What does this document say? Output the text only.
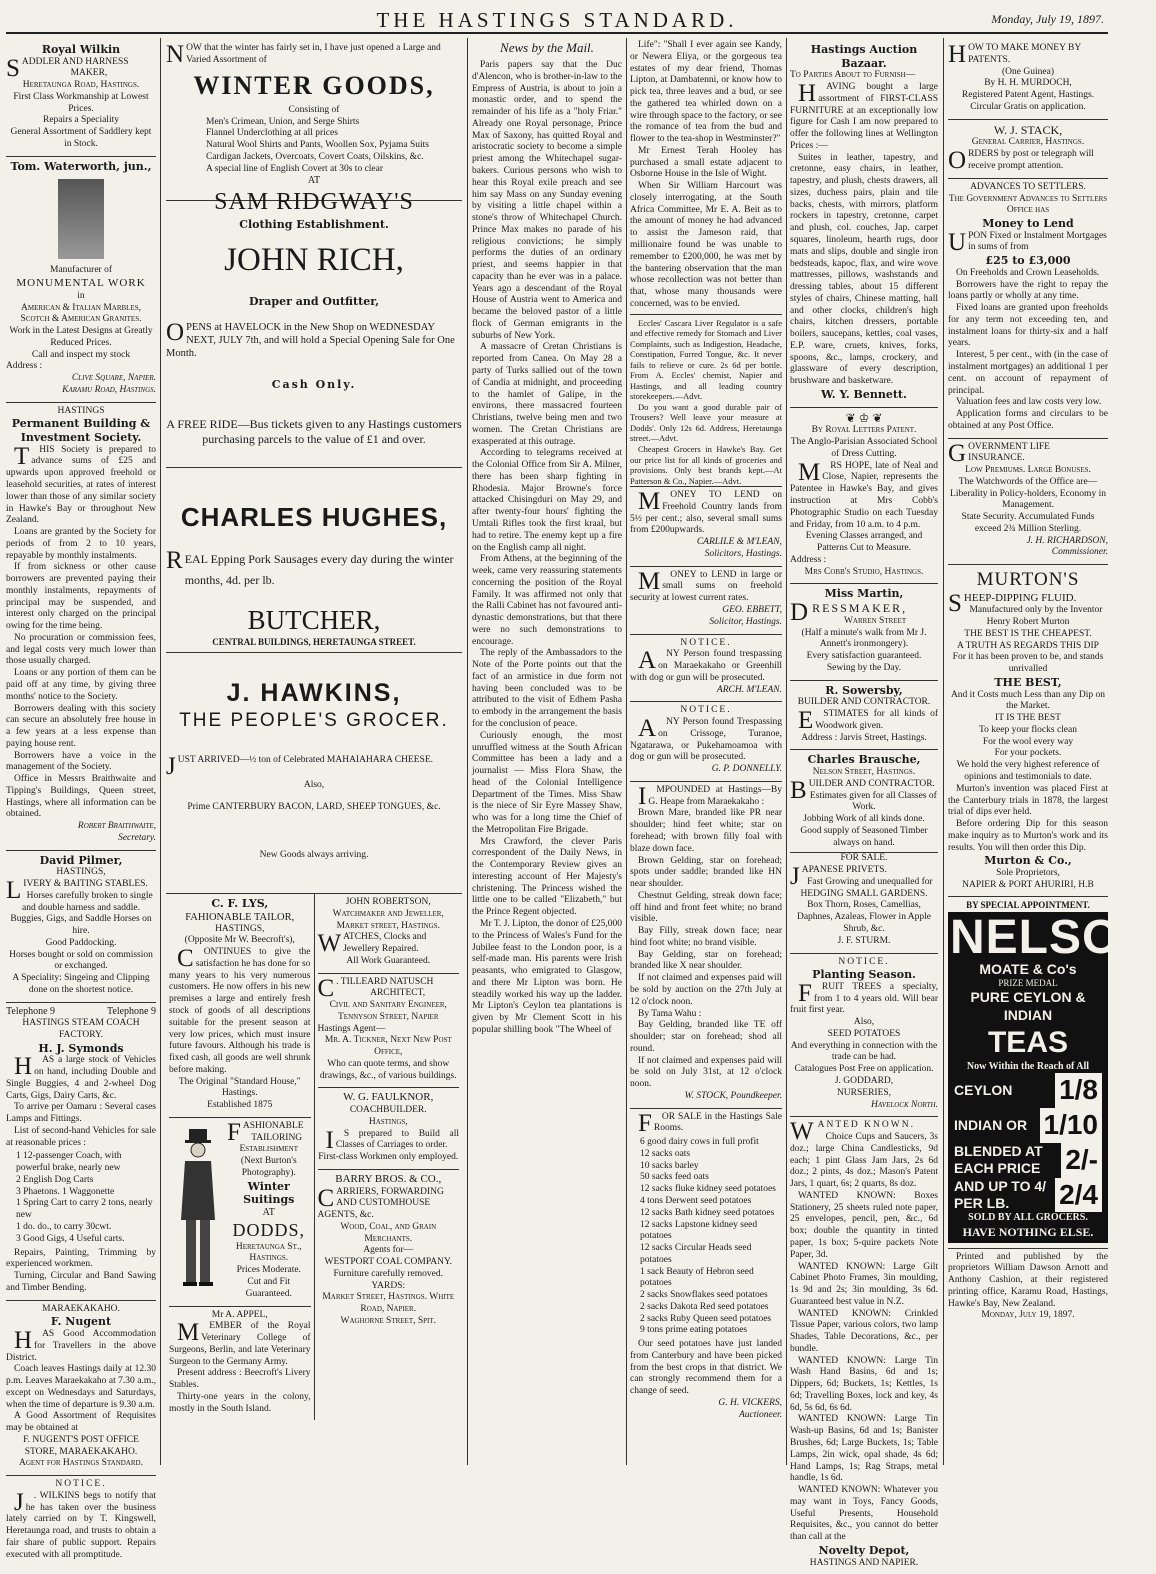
THE HASTINGS STANDARD.	Monday, July 19, 1897.
Royal Wilkin

SADDLER AND HARNESS

MAKER,

Heretaunga Road, Hastings.

First Class Workmanship at Lowest Prices.

Repairs a Speciality

General Assortment of Saddlery kept in Stock.

Tom. Waterworth, jun.,

Manufacturer of

MONUMENTAL WORK

in

American & Italian Marbles, Scotch & American Granites.

Work in the Latest Designs at Greatly Reduced Prices.

Call and inspect my stock

Address :

Clive Square, Napier.

Karamu Road, Hastings.

HASTINGS

Permanent Building & Investment Society.

T HIS Society is prepared to advance sums of £25 and upwards upon approved freehold or leasehold securities, at rates of interest lower than those of any similar society in Hawke's Bay or throughout New Zealand.

Loans are granted by the Society for periods of from 2 to 10 years, repayable by monthly instalments.

If from sickness or other cause borrowers are prevented paying their monthly instalments, repayments of principal may be suspended, and interest only charged on the principal owing for the time being.

No procuration or commission fees, and legal costs very much lower than those usually charged.

Loans or any portion of them can be paid off at any time, by giving three months' notice to the Society.

Borrowers dealing with this society can secure an absolutely free house in a few years at a less expense than paying house rent.

Borrowers have a voice in the management of the Society.

Office in Messrs Braithwaite and Tipping's Buildings, Queen street, Hastings, where all information can be obtained.

Robert Braithwaite,

Secretary.

David Pilmer,

HASTINGS,

LIVERY & BAITING STABLES.

Horses carefully broken to single and double harness and saddle.

Buggies, Gigs, and Saddle Horses on hire.

Good Paddocking.

Horses bought or sold on commission or exchanged.

A Speciality: Singeing and Clipping done on the shortest notice.

Telephone 9	Telephone 9

HASTINGS STEAM COACH FACTORY.

H. J. Symonds

H AS a large stock of Vehicles on hand, including Double and Single Buggies, 4 and 2-wheel Dog Carts, Gigs, Dairy Carts, &c.

To arrive per Oamaru : Several cases Lamps and Fittings.

List of second-hand Vehicles for sale at reasonable prices :

1 12-passenger Coach, with powerful brake, nearly new

2 English Dog Carts

3 Phaetons. 1 Waggonette

1 Spring Cart to carry 2 tons, nearly new

1 do. do., to carry 30cwt.

3 Good Gigs, 4 Useful carts.

Repairs, Painting, Trimming by experienced workmen.

Turning, Circular and Band Sawing and Timber Bending.

MARAEKAKAHO.

F. Nugent

H AS Good Accommodation for Travellers in the above District.

Coach leaves Hastings daily at 12.30 p.m. Leaves Maraekakaho at 7.30 a.m., except on Wednesdays and Saturdays, when the time of departure is 9.30 a.m.

A Good Assortment of Requisites may be obtained at

F. NUGENT'S POST OFFICE STORE, MARAEKAKAHO.

Agent for Hastings Standard.

NOTICE.

J . WILKINS begs to notify that he has taken over the business lately carried on by T. Kingswell, Heretaunga road, and trusts to obtain a fair share of public support. Repairs executed with all promptitude.

NOW that the winter has fairly set in, I have just opened a Large and Varied Assortment of

WINTER GOODS,

Consisting of

Men's Crimean, Union, and Serge Shirts

Flannel Underclothing at all prices

Natural Wool Shirts and Pants, Woollen Sox, Pyjama Suits

Cardigan Jackets, Overcoats, Covert Coats, Oilskins, &c.

A special line of English Covert at 30s to clear

AT

SAM RIDGWAY'S
Clothing Establishment.
JOHN RICH,
Draper and Outfitter,

OPENS at HAVELOCK in the New Shop on WEDNESDAY NEXT, JULY 7th, and will hold a Special Opening Sale for One Month.

Cash Only.

A FREE RIDE—Bus tickets given to any Hastings customers purchasing parcels to the value of £1 and over.

CHARLES HUGHES,

REAL Epping Pork Sausages every day during the winter months, 4d. per lb.

BUTCHER,

CENTRAL BUILDINGS, HERETAUNGA STREET.

J. HAWKINS,
THE PEOPLE'S GROCER.

JUST ARRIVED—½ ton of Celebrated MAHAIAHARA CHEESE.

Also,

Prime CANTERBURY BACON, LARD, SHEEP TONGUES, &c.

New Goods always arriving.

C. F. LYS,

FAHIONABLE TAILOR,

HASTINGS,

(Opposite Mr W. Beecroft's),

C ONTINUES to give the satisfaction he has done for so many years to his very numerous customers. He now offers in his new premises a large and entirely fresh stock of goods of all descriptions suitable for the present season at very low prices, which must insure future favours. Although his trade is fixed cash, all goods are well shrunk before making.

The Original "Standard House," Hastings.

Established 1875

FASHIONABLE

TAILORING

Establishment

(Next Burton's Photography).

Winter
Suitings

AT

DODDS,

Heretaunga St., Hastings.

Prices Moderate.

Cut and Fit Guaranteed.

Mr A. APPEL,

M EMBER of the Royal Veterinary College of Surgeons, Berlin, and late Veterinary Surgeon to the Germany Army.

Present address : Beecroft's Livery Stables.

Thirty-one years in the colony, mostly in the South Island.

JOHN ROBERTSON,

Watchmaker and Jeweller, Market street, Hastings.

WATCHES, Clocks and Jewellery Repaired.

All Work Guaranteed.

C . TILLEARD NATUSCH

ARCHITECT,

Civil and Sanitary Engineer,

Tennyson Street, Napier

Hastings Agent—

Mr. A. Tickner, Next New Post Office,

Who can quote terms, and show drawings, &c., of various buildings.

W. G. FAULKNOR,

COACHBUILDER.

Hastings,

I S prepared to Build all Classes of Carriages to order.

First-class Workmen only employed.

BARRY BROS. & CO.,

CARRIERS, FORWARDING AND CUSTOMHOUSE AGENTS, &c.

Wood, Coal, and Grain Merchants.

Agents for—

WESTPORT COAL COMPANY.

Furniture carefully removed.

YARDS:

Market Street, Hastings. White Road, Napier.

Waghorne Street, Spit.

News by the Mail.

Paris papers say that the Duc d'Alencon, who is brother-in-law to the Empress of Austria, is about to join a monastic order, and to spend the remainder of his life as a "holy Friar." Already one Royal personage, Prince Max of Saxony, has quitted Royal and aristocratic society to become a simple priest among the Whitechapel sugar-bakers. Curious persons who wish to hear this Royal exile preach and see him say Mass on any Sunday evening by visiting a little chapel within a stone's throw of Whitechapel Church. Prince Max makes no parade of his religious convictions; he simply performs the duties of an ordinary priest, and seems happier in that capacity than he ever was in a palace. Years ago a descendant of the Royal House of Austria went to America and became the beloved pastor of a little flock of German emigrants in the suburbs of New York.

A massacre of Cretan Christians is reported from Canea. On May 28 a party of Turks sallied out of the town of Candia at midnight, and proceeding to the hamlet of Galipe, in the environs, there massacred fourteen Christians, twelve being men and two women. The Cretan Christians are exasperated at this outrage.

According to telegrams received at the Colonial Office from Sir A. Milner, there has been sharp fighting in Rhodesia. Major Browne's force attacked Chisingduri on May 29, and after twenty-four hours' fighting the Umtali Rifles took the first kraal, but had to retire. The enemy kept up a fire on the English camp all night.

From Athens, at the beginning of the week, came very reassuring statements concerning the position of the Royal Family. It was affirmed not only that the Ralli Cabinet has not favoured anti-dynastic demonstrations, but that there were no such demonstrations to encourage.

The reply of the Ambassadors to the Note of the Porte points out that the fact of an armistice in due form not having been concluded was to be attributed to the visit of Edhem Pasha to embody in the arrangement the basis for the conclusion of peace.

Curiously enough, the most unruffled witness at the South African Committee has been a lady and a journalist — Miss Flora Shaw, the head of the Colonial Intelligence Department of the Times. Miss Shaw is the niece of Sir Eyre Massey Shaw, who was for a long time the Chief of the Metropolitan Fire Brigade.

Mrs Crawford, the clever Paris correspondent of the Daily News, in the Contemporary Review gives an interesting account of Her Majesty's christening. The Princess wished the little one to be called "Elizabeth," but the Prince Regent objected.

Mr T. J. Lipton, the donor of £25,000 to the Princess of Wales's Fund for the Jubilee feast to the London poor, is a self-made man. His parents were Irish peasants, who emigrated to Glasgow, and there Mr Lipton was born. He steadily worked his way up the ladder. Mr Lipton's Ceylon tea plantations is given by Mr Clement Scott in his popular shilling book "The Wheel of

Life": "Shall I ever again see Kandy, or Newera Eliya, or the gorgeous tea estates of my dear friend, Thomas Lipton, at Dambatenni, or know how to pick tea, three leaves and a bud, or see the gathered tea whirled down on a wire through space to the factory, or see the romance of tea from the bud and flower to the tea-shop in Westminster?"

Mr Ernest Terah Hooley has purchased a small estate adjacent to Osborne House in the Isle of Wight.

When Sir William Harcourt was closely interrogating, at the South Africa Committee, Mr E. A. Beit as to the amount of money he had advanced to assist the Jameson raid, that millionaire found he was unable to remember to £200,000, he was met by the bantering observation that the man whose recollection was not better than that, whose many thousands were concerned, was to be envied.

Eccles' Cascara Liver Regulator is a safe and effective remedy for Stomach and Liver Complaints, such as Indigestion, Headache, Constipation, Furred Tongue, &c. It never fails to relieve or cure. 2s 6d per bottle. From A. Eccles' chemist, Napier and Hastings, and all leading country storekeepers.—Advt.

Do you want a good durable pair of Trousers? Well leave your measure at Dodds'. Only 12s 6d. Address, Heretaunga street.—Advt.

Cheapest Grocers in Hawke's Bay. Get our price list for all kinds of groceries and provisions. Only best brands kept.—At Patterson & Co., Napier.—Advt.

M ONEY TO LEND on Freehold Country lands from 5½ per cent.; also, several small sums from £200upwards.

CARLILE & M'LEAN,

Solicitors, Hastings.

M ONEY to LEND in large or small sums on freehold security at lowest current rates.

GEO. EBBETT,

Solicitor, Hastings.

NOTICE.

A NY Person found trespassing on Maraekakaho or Greenhill with dog or gun will be prosecuted.

ARCH. M'LEAN.

NOTICE.

A NY Person found Trespassing on Crissoge, Turanoe, Ngatarawa, or Pukehamoamoa with dog or gun will be prosecuted.

G. P. DONNELLY.

I MPOUNDED at Hastings—By G. Heape from Maraekakaho :

Brown Mare, branded like PR near shoulder; hind feet white; star on forehead; with brown filly foal with blaze down face.

Brown Gelding, star on forehead; spots under saddle; branded like HN near shoulder.

Chestnut Gelding, streak down face; off hind and front feet white; no brand visible.

Bay Filly, streak down face; near hind foot white; no brand visible.

Bay Gelding, star on forehead; branded like X near shoulder.

If not claimed and expenses paid will be sold by auction on the 27th July at 12 o'clock noon.

By Tama Wahu :

Bay Gelding, branded like TE off shoulder; star on forehead; shod all round.

If not claimed and expenses paid will be sold on July 31st, at 12 o'clock noon.

W. STOCK, Poundkeeper.

F OR SALE in the Hastings Sale Rooms.

6 good dairy cows in full profit

12 sacks oats

10 sacks barley

50 sacks feed oats

12 sacks fluke kidney seed potatoes

4 tons Derwent seed potatoes

12 sacks Bath kidney seed potatoes

12 sacks Lapstone kidney seed potatoes

12 sacks Circular Heads seed potatoes

1 sack Beauty of Hebron seed potatoes

2 sacks Snowflakes seed potatoes

2 sacks Dakota Red seed potatoes

2 sacks Ruby Queen seed potatoes

9 tons prime eating potatoes

Our seed potatoes have just landed from Canterbury and have been picked from the best crops in that district. We can strongly recommend them for a change of seed.

G. H. VICKERS,

Auctioneer.

Hastings Auction
Bazaar.

To Parties About to Furnish—

H AVING bought a large assortment of FIRST-CLASS FURNITURE at an exceptionally low figure for Cash I am now prepared to offer the following lines at Wellington Prices :—

Suites in leather, tapestry, and cretonne, easy chairs, in leather, tapestry, and plush, chests drawers, all sizes, duchess pairs, plain and tile backs, chests, with mirrors, platform rockers in tapestry, cretonne, carpet and plush, col. couches, Jap. carpet squares, linoleum, hearth rugs, door mats and slips, double and single iron bedsteads, kapoc, flax, and wire wove mattresses, pillows, washstands and dressing tables, about 15 different styles of chairs, Chinese matting, hall and other clocks, children's high chairs, kitchen dressers, portable boilers, saucepans, kettles, coal vases, E.P. ware, cruets, knives, forks, spoons, &c., lamps, crockery, and glassware of every description, brushware and basketware.

W. Y. Bennett.
❦ ♔ ❦

By Royal Letters Patent.

The Anglo-Parisian Associated School of Dress Cutting.

M RS HOPE, late of Neal and Close, Napier, represents the Patentee in Hawke's Bay, and gives instruction at Mrs Cobb's Photographic Studio on each Tuesday and Friday, from 10 a.m. to 4 p.m.

Evening Classes arranged, and Patterns Cut to Measure.

Address :

Mrs Cobb's Studio, Hastings.

Miss Martin,

DRESSMAKER,

Warren Street

(Half a minute's walk from Mr J. Annett's ironmongery).

Every satisfaction guaranteed.

Sewing by the Day.

R. Sowersby,

BUILDER AND CONTRACTOR.

E STIMATES for all kinds of Woodwork given.

Address : Jarvis Street, Hastings.

Charles Brausche,

Nelson Street, Hastings.

BUILDER AND CONTRACTOR.

Estimates given for all Classes of Work.

Jobbing Work of all kinds done.

Good supply of Seasoned Timber always on hand.

FOR SALE.

JAPANESE PRIVETS.

Fast Growing and unequalled for HEDGING SMALL GARDENS.

Box Thorn, Roses, Camellias, Daphnes, Azaleas, Flower in Apple Shrub, &c.

J. F. STURM.

NOTICE.

Planting Season.

F RUIT TREES a specialty, from 1 to 4 years old. Will bear fruit first year.

Also,

SEED POTATOES

And everything in connection with the trade can be had.

Catalogues Post Free on application.

J. GODDARD,

NURSERIES,

Havelock North.

WANTED KNOWN.

Choice Cups and Saucers, 3s doz.; large China Candlesticks, 9d each; 1 pint Glass Jam Jars, 2s 6d doz.; 2 pints, 4s doz.; Mason's Patent Jars, 1 quart, 6s; 2 quarts, 8s doz.

WANTED KNOWN: Boxes Stationery, 25 sheets ruled note paper, 25 envelopes, pencil, pen, &c., 6d box; double the quantity in tinted paper, 1s box; 5-quire packets Note Paper, 3d.

WANTED KNOWN: Large Gilt Cabinet Photo Frames, 3in moulding, 1s 9d and 2s; 3in moulding, 3s 6d. Guaranteed best value in N.Z.

WANTED KNOWN: Crinkled Tissue Paper, various colors, two lamp Shades, Table Decorations, &c., per bundle.

WANTED KNOWN: Large Tin Wash Hand Basins, 6d and 1s; Dippers, 6d; Buckets, 1s; Kettles, 1s 6d; Travelling Boxes, lock and key, 4s 6d, 5s 6d, 6s 6d.

WANTED KNOWN: Large Tin Wash-up Basins, 6d and 1s; Banister Brushes, 6d; Large Buckets, 1s; Table Lamps, 2in wick, opal shade, 4s 6d; Hand Lamps, 1s; Rag Straps, metal handle, 1s 6d.

WANTED KNOWN: Whatever you may want in Toys, Fancy Goods, Useful Presents, Household Requisites, &c., you cannot do better than call at the

Novelty Depot,

HASTINGS AND NAPIER.

HOW TO MAKE MONEY BY PATENTS.

(One Guinea)

By H. H. MURDOCH,

Registered Patent Agent, Hastings.

Circular Gratis on application.

W. J. STACK,

General Carrier, Hastings.

ORDERS by post or telegraph will receive prompt attention.

ADVANCES TO SETTLERS.

The Government Advances to Settlers Office has

Money to Lend

UPON Fixed or Instalment Mortgages in sums of from

£25 to £3,000

On Freeholds and Crown Leaseholds.

Borrowers have the right to repay the loans partly or wholly at any time.

Fixed loans are granted upon freeholds for any term not exceeding ten, and instalment loans for thirty-six and a half years.

Interest, 5 per cent., with (in the case of instalment mortgages) an additional 1 per cent. on account of repayment of principal.

Valuation fees and law costs very low.

Application forms and circulars to be obtained at any Post Office.

GOVERNMENT LIFE INSURANCE.

Low Premiums. Large Bonuses.

The Watchwords of the Office are—Liberality in Policy-holders, Economy in Management.

State Security. Accumulated Funds exceed 2¾ Million Sterling.

J. H. RICHARDSON,

Commissioner.

MURTON'S

SHEEP-DIPPING FLUID.

Manufactured only by the Inventor Henry Robert Murton

THE BEST IS THE CHEAPEST.

A TRUTH AS REGARDS THIS DIP

For it has been proven to be, and stands unrivalled

THE BEST,

And it Costs much Less than any Dip on the Market.

IT IS THE BEST

To keep your flocks clean
For the wool every way
For your pockets.

We hold the very highest reference of opinions and testimonials to date.

Murton's invention was placed First at the Canterbury trials in 1878, the largest trial of dips ever held.

Before ordering Dip for this season make inquiry as to Murton's work and its results. You will then order this Dip.

Murton & Co.,

Sole Proprietors,

NAPIER & PORT AHURIRI, H.B

BY SPECIAL APPOINTMENT.
NELSON
MOATE & Co's
PRIZE MEDAL
PURE CEYLON & INDIAN
TEAS
Now Within the Reach of All
CEYLON 1/8
INDIAN OR 1/10
BLENDED AT EACH PRICE 2/-
AND UP TO 4/ PER LB.	2/4
SOLD BY ALL GROCERS.
HAVE NOTHING ELSE.

Printed and published by the proprietors William Dawson Arnott and Anthony Cashion, at their registered printing office, Karamu Road, Hastings, Hawke's Bay, New Zealand.

Monday, July 19, 1897.
